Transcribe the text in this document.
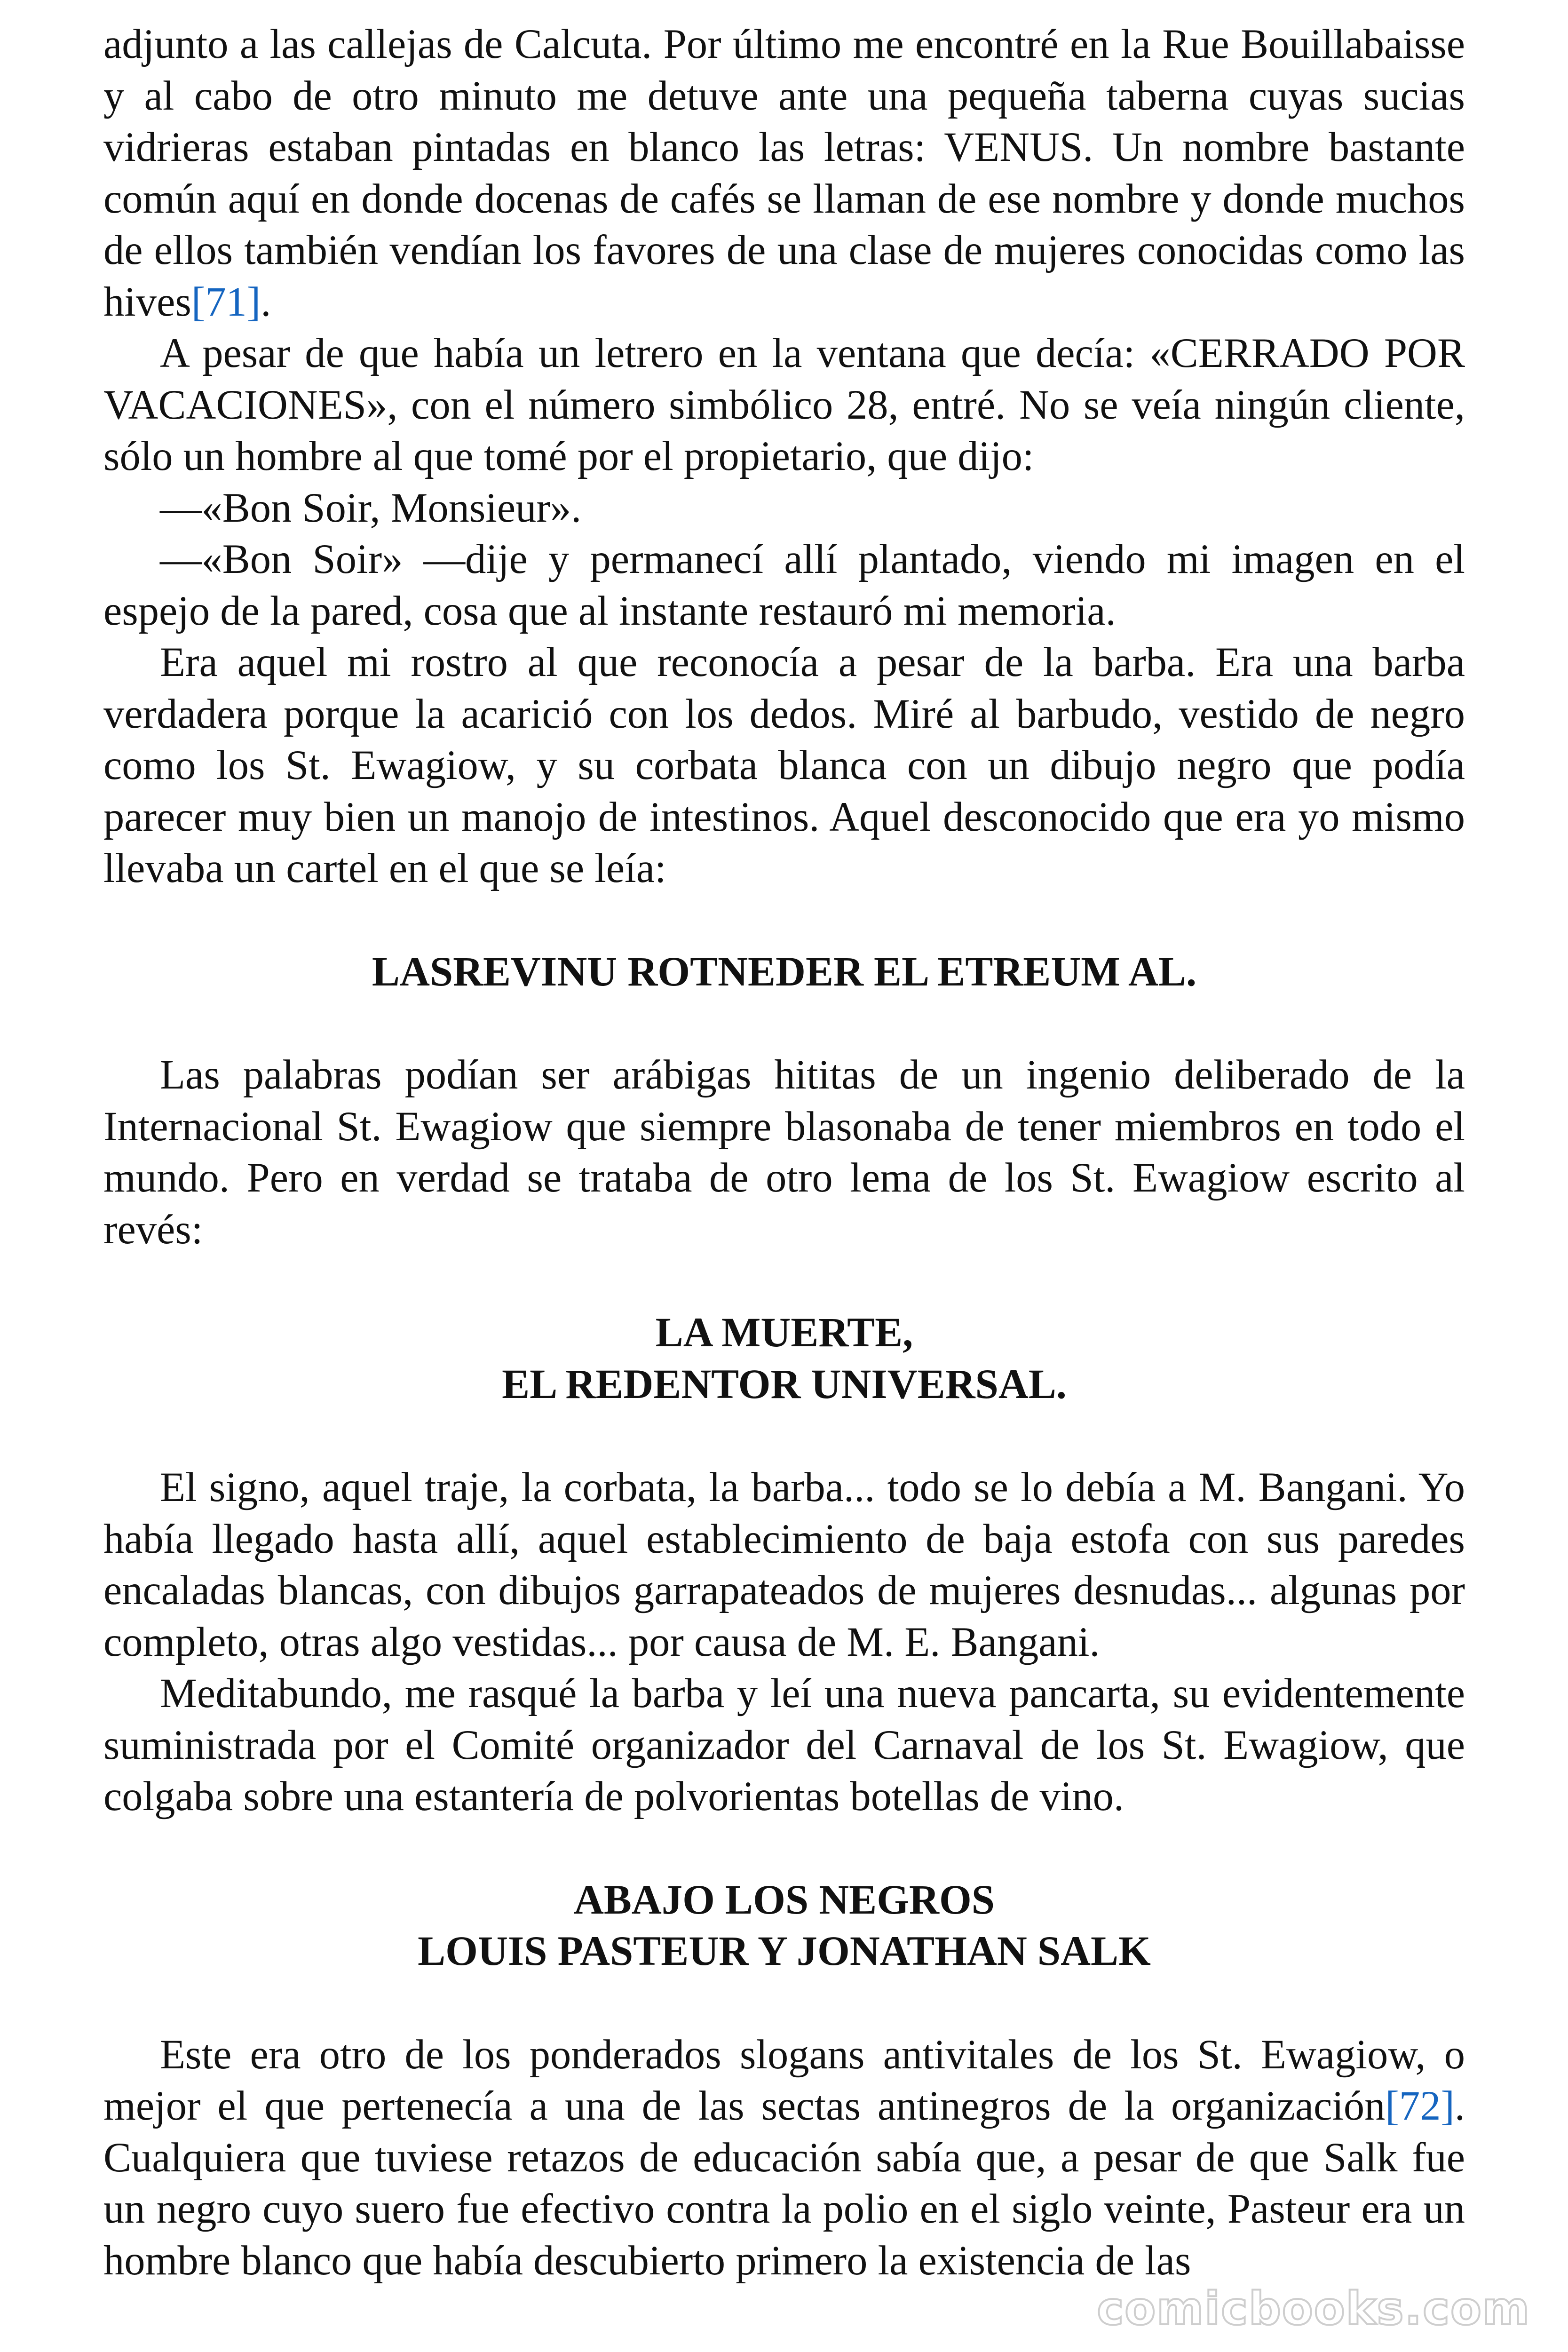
adjunto a las callejas de Calcuta. Por último me encontré en la Rue Bouillabaisse y al cabo de otro minuto me detuve ante una pequeña taberna cuyas sucias vidrieras estaban pintadas en blanco las letras: VENUS. Un nombre bastante común aquí en donde docenas de cafés se llaman de ese nombre y donde muchos de ellos también vendían los favores de una clase de mujeres conocidas como las hives[71].

A pesar de que había un letrero en la ventana que decía: «CERRADO POR VACACIONES», con el número simbólico 28, entré. No se veía ningún cliente, sólo un hombre al que tomé por el propietario, que dijo:

—«Bon Soir, Monsieur».

—«Bon Soir» —dije y permanecí allí plantado, viendo mi imagen en el espejo de la pared, cosa que al instante restauró mi memoria.

Era aquel mi rostro al que reconocía a pesar de la barba. Era una barba verdadera porque la acarició con los dedos. Miré al barbudo, vestido de negro como los St. Ewagiow, y su corbata blanca con un dibujo negro que podía parecer muy bien un manojo de intestinos. Aquel desconocido que era yo mismo llevaba un cartel en el que se leía:

LASREVINU ROTNEDER EL ETREUM AL.

Las palabras podían ser arábigas hititas de un ingenio deliberado de la Internacional St. Ewagiow que siempre blasonaba de tener miembros en todo el mundo. Pero en verdad se trataba de otro lema de los St. Ewagiow escrito al revés:

LA MUERTE,
EL REDENTOR UNIVERSAL.

El signo, aquel traje, la corbata, la barba... todo se lo debía a M. Bangani. Yo había llegado hasta allí, aquel establecimiento de baja estofa con sus paredes encaladas blancas, con dibujos garrapateados de mujeres desnudas... algunas por completo, otras algo vestidas... por causa de M. E. Bangani.

Meditabundo, me rasqué la barba y leí una nueva pancarta, su evidentemente suministrada por el Comité organizador del Carnaval de los St. Ewagiow, que colgaba sobre una estantería de polvorientas botellas de vino.

ABAJO LOS NEGROS
LOUIS PASTEUR Y JONATHAN SALK

Este era otro de los ponderados slogans antivitales de los St. Ewagiow, o mejor el que pertenecía a una de las sectas antinegros de la organización[72]. Cualquiera que tuviese retazos de educación sabía que, a pesar de que Salk fue un negro cuyo suero fue efectivo contra la polio en el siglo veinte, Pasteur era un hombre blanco que había descubierto primero la existencia de las

comicbooks.com
